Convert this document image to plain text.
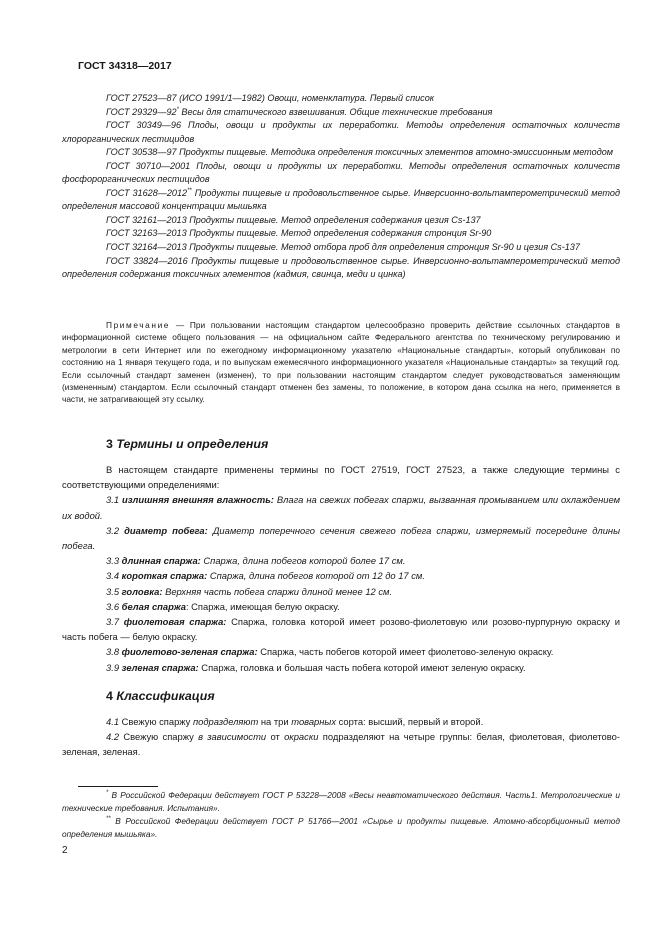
ГОСТ 34318—2017

ГОСТ 27523—87 (ИСО 1991/1—1982) Овощи, номенклатура. Первый список

ГОСТ 29329—92* Весы для статического взвешивания. Общие технические требования

ГОСТ 30349—96 Плоды, овощи и продукты их переработки. Методы определения остаточных количеств хлорорганических пестицидов

ГОСТ 30538—97 Продукты пищевые. Методика определения токсичных элементов атомно-эмиссионным методом

ГОСТ 30710—2001 Плоды, овощи и продукты их переработки. Методы определения остаточных количеств фосфорорганических пестицидов

ГОСТ 31628—2012** Продукты пищевые и продовольственное сырье. Инверсионно-вольтамперометрический метод определения массовой концентрации мышьяка

ГОСТ 32161—2013 Продукты пищевые. Метод определения содержания цезия Cs-137

ГОСТ 32163—2013 Продукты пищевые. Метод определения содержания стронция Sr-90

ГОСТ 32164—2013 Продукты пищевые. Метод отбора проб для определения стронция Sr-90 и цезия Cs-137

ГОСТ 33824—2016 Продукты пищевые и продовольственное сырье. Инверсионно-вольтамперометрический метод определения содержания токсичных элементов (кадмия, свинца, меди и цинка)

Примечание — При пользовании настоящим стандартом целесообразно проверить действие ссылочных стандартов в информационной системе общего пользования — на официальном сайте Федерального агентства по техническому регулированию и метрологии в сети Интернет или по ежегодному информационному указателю «Национальные стандарты», который опубликован по состоянию на 1 января текущего года, и по выпускам ежемесячного информационного указателя «Национальные стандарты» за текущий год. Если ссылочный стандарт заменен (изменен), то при пользовании настоящим стандартом следует руководствоваться заменяющим (измененным) стандартом. Если ссылочный стандарт отменен без замены, то положение, в котором дана ссылка на него, применяется в части, не затрагивающей эту ссылку.

3 Термины и определения

В настоящем стандарте применены термины по ГОСТ 27519, ГОСТ 27523, а также следующие термины с соответствующими определениями:

3.1 излишняя внешняя влажность: Влага на свежих побегах спаржи, вызванная промыванием или охлаждением их водой.

3.2 диаметр побега: Диаметр поперечного сечения свежего побега спаржи, измеряемый посередине длины побега.

3.3 длинная спаржа: Спаржа, длина побегов которой более 17 см.

3.4 короткая спаржа: Спаржа, длина побегов которой от 12 до 17 см.

3.5 головка: Верхняя часть побега спаржи длиной менее 12 см.

3.6 белая спаржа: Спаржа, имеющая белую окраску.

3.7 фиолетовая спаржа: Спаржа, головка которой имеет розово-фиолетовую или розово-пурпурную окраску и часть побега — белую окраску.

3.8 фиолетово-зеленая спаржа: Спаржа, часть побегов которой имеет фиолетово-зеленую окраску.

3.9 зеленая спаржа: Спаржа, головка и большая часть побега которой имеют зеленую окраску.

4 Классификация

4.1 Свежую спаржу подразделяют на три товарных сорта: высший, первый и второй.

4.2 Свежую спаржу в зависимости от окраски подразделяют на четыре группы: белая, фиолетовая, фиолетово-зеленая, зеленая.

* В Российской Федерации действует ГОСТ Р 53228—2008 «Весы неавтоматического действия. Часть1. Метрологические и технические требования. Испытания».

** В Российской Федерации действует ГОСТ Р 51766—2001 «Сырье и продукты пищевые. Атомно-абсорбционный метод определения мышьяка».

2
